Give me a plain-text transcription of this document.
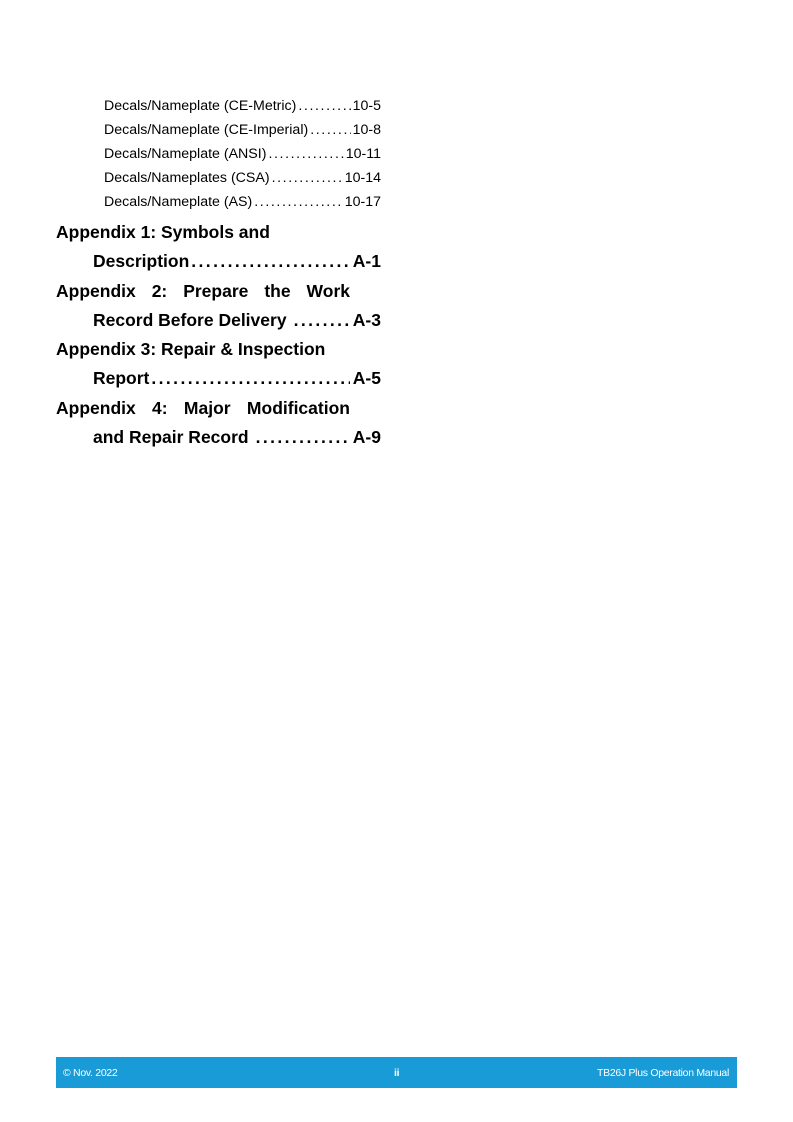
Decals/Nameplate (CE-Metric) .....	10-5
Decals/Nameplate (CE-Imperial) .....	10-8
Decals/Nameplate (ANSI) .....	10-11
Decals/Nameplates (CSA) .....	10-14
Decals/Nameplate (AS) .....	10-17
Appendix 1: Symbols and
Description .....	A-1
Appendix 2: Prepare the Work
Record Before Delivery .....	A-3
Appendix 3: Repair & Inspection
Report .....	A-5
Appendix 4: Major Modification
and Repair Record .....	A-9
© Nov. 2022	ii	TB26J Plus Operation Manual
